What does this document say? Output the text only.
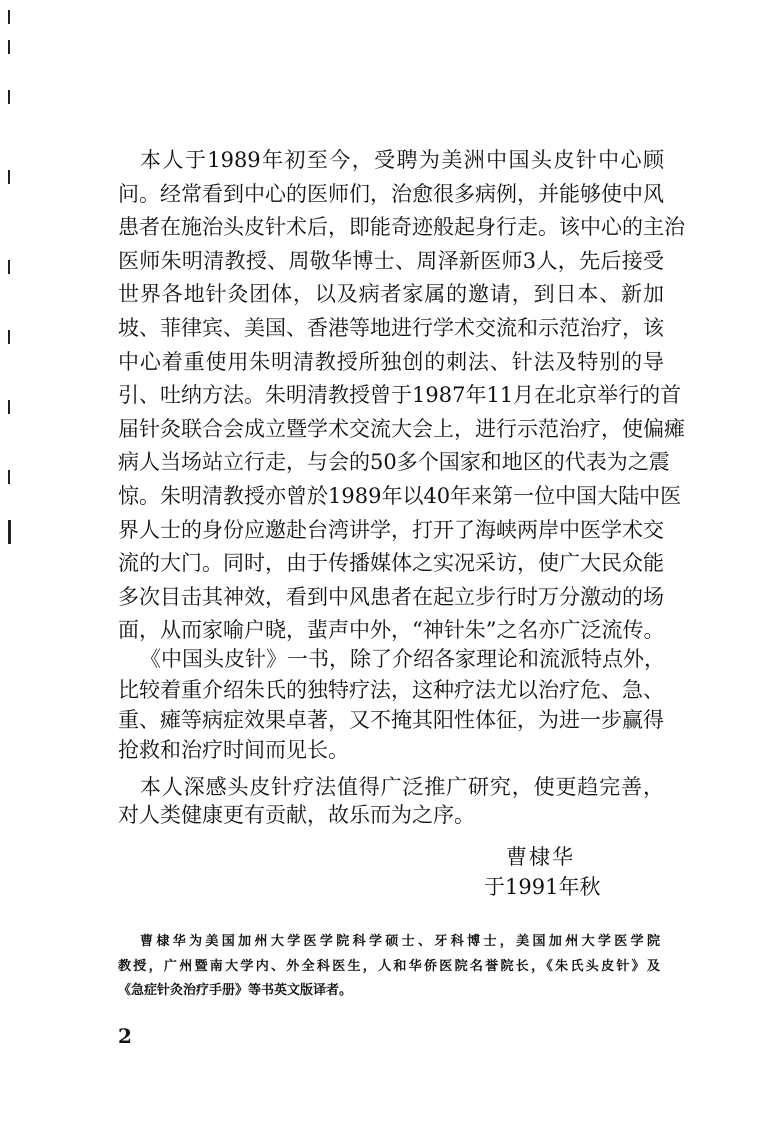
本人于1989年初至今，受聘为美洲中国头皮针中心顾
问。经常看到中心的医师们，治愈很多病例，并能够使中风
患者在施治头皮针术后，即能奇迹般起身行走。该中心的主治
医师朱明清教授、周敬华博士、周泽新医师3人，先后接受
世界各地针灸团体，以及病者家属的邀请，到日本、新加
坡、菲律宾、美国、香港等地进行学术交流和示范治疗，该
中心着重使用朱明清教授所独创的刺法、针法及特别的导
引、吐纳方法。朱明清教授曾于1987年11月在北京举行的首
届针灸联合会成立暨学术交流大会上，进行示范治疗，使偏瘫
病人当场站立行走，与会的50多个国家和地区的代表为之震
惊。朱明清教授亦曾於1989年以40年来第一位中国大陆中医
界人士的身份应邀赴台湾讲学，打开了海峡两岸中医学术交
流的大门。同时，由于传播媒体之实况采访，使广大民众能
多次目击其神效，看到中风患者在起立步行时万分激动的场
面，从而家喻户晓，蜚声中外，“神针朱”之名亦广泛流传。
《中国头皮针》一书，除了介绍各家理论和流派特点外，
比较着重介绍朱氏的独特疗法，这种疗法尤以治疗危、急、
重、瘫等病症效果卓著，又不掩其阳性体征，为进一步赢得
抢救和治疗时间而见长。
本人深感头皮针疗法值得广泛推广研究，使更趋完善，
对人类健康更有贡献，故乐而为之序。
曹棣华
于1991年秋
曹棣华为美国加州大学医学院科学硕士、牙科博士，美国加州大学医学院
教授，广州暨南大学内、外全科医生，人和华侨医院名誉院长，《朱氏头皮针》及
《急症针灸治疗手册》等书英文版译者。
2
